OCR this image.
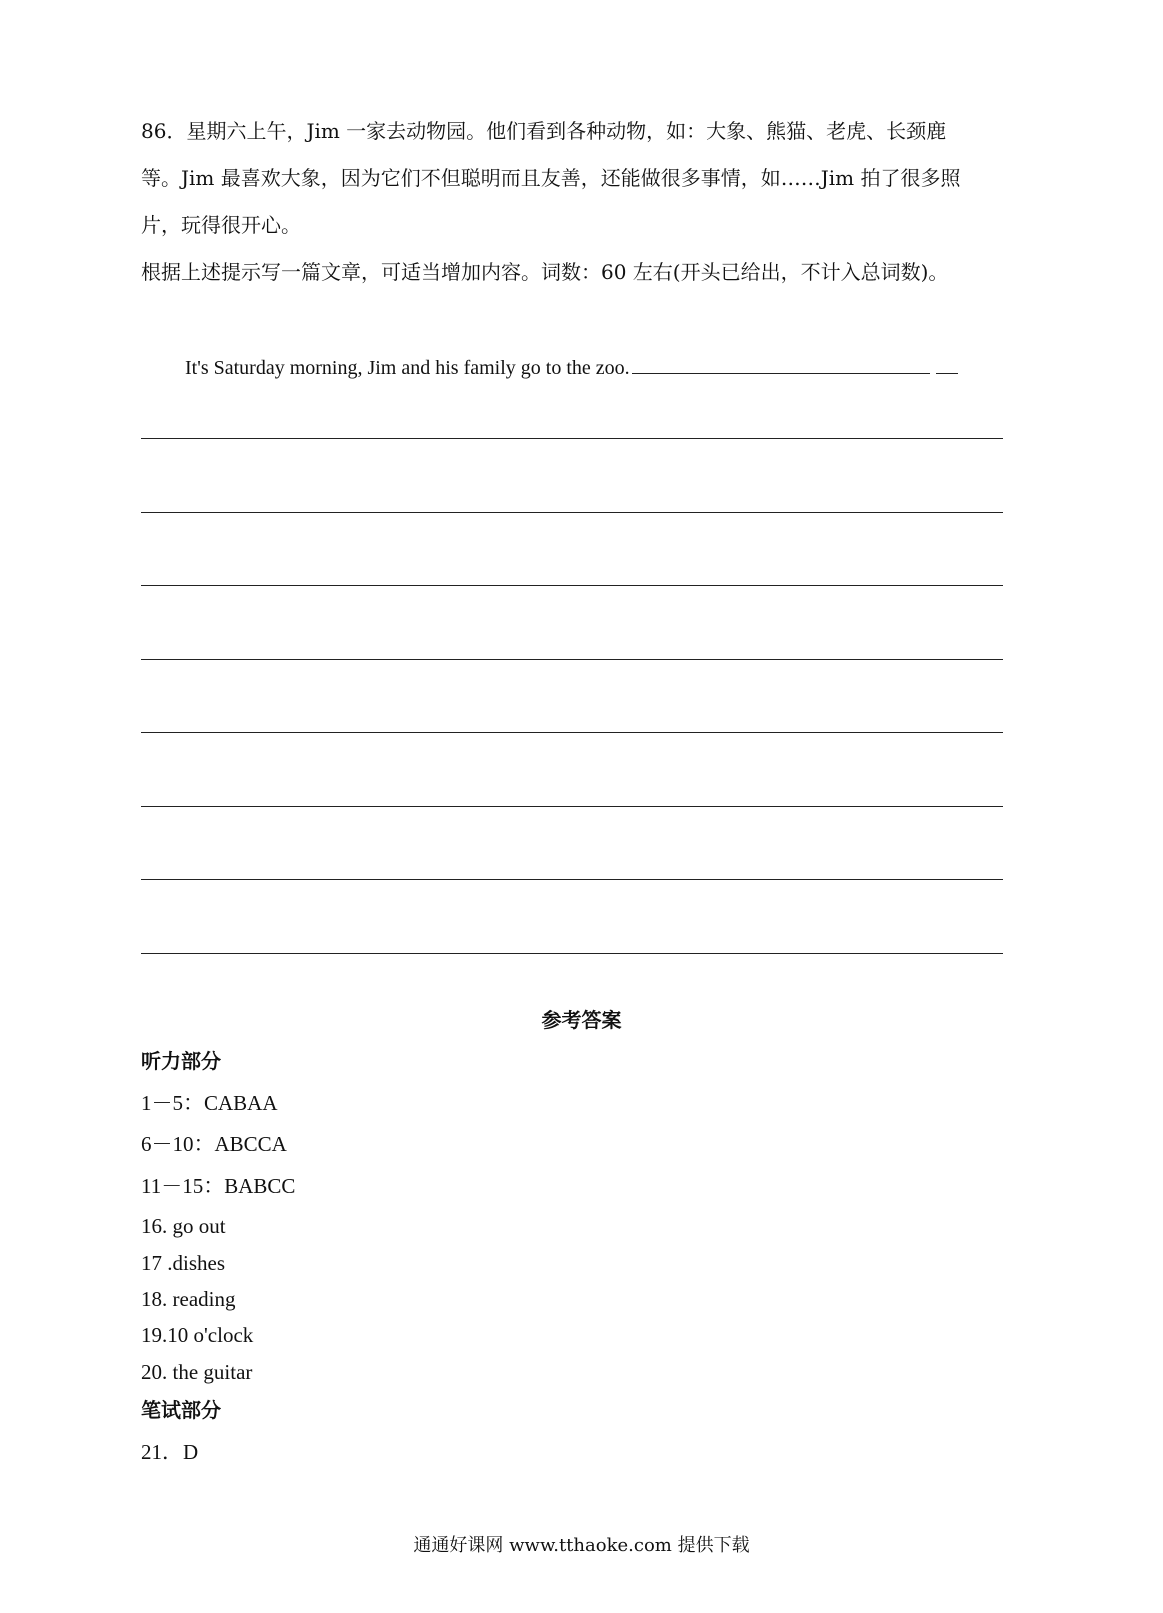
86．星期六上午，Jim 一家去动物园。他们看到各种动物，如：大象、熊猫、老虎、长颈鹿
等。Jim 最喜欢大象，因为它们不但聪明而且友善，还能做很多事情，如……Jim 拍了很多照
片，玩得很开心。
根据上述提示写一篇文章，可适当增加内容。词数：60 左右(开头已给出，不计入总词数)。
It's Saturday morning, Jim and his family go to the zoo.
参考答案
听力部分
1－5：CABAA
6－10：ABCCA
11－15：BABCC
16. go out
17 .dishes
18. reading
19.10 o'clock
20. the guitar
笔试部分
21．D
通通好课网 www.tthaoke.com 提供下载
